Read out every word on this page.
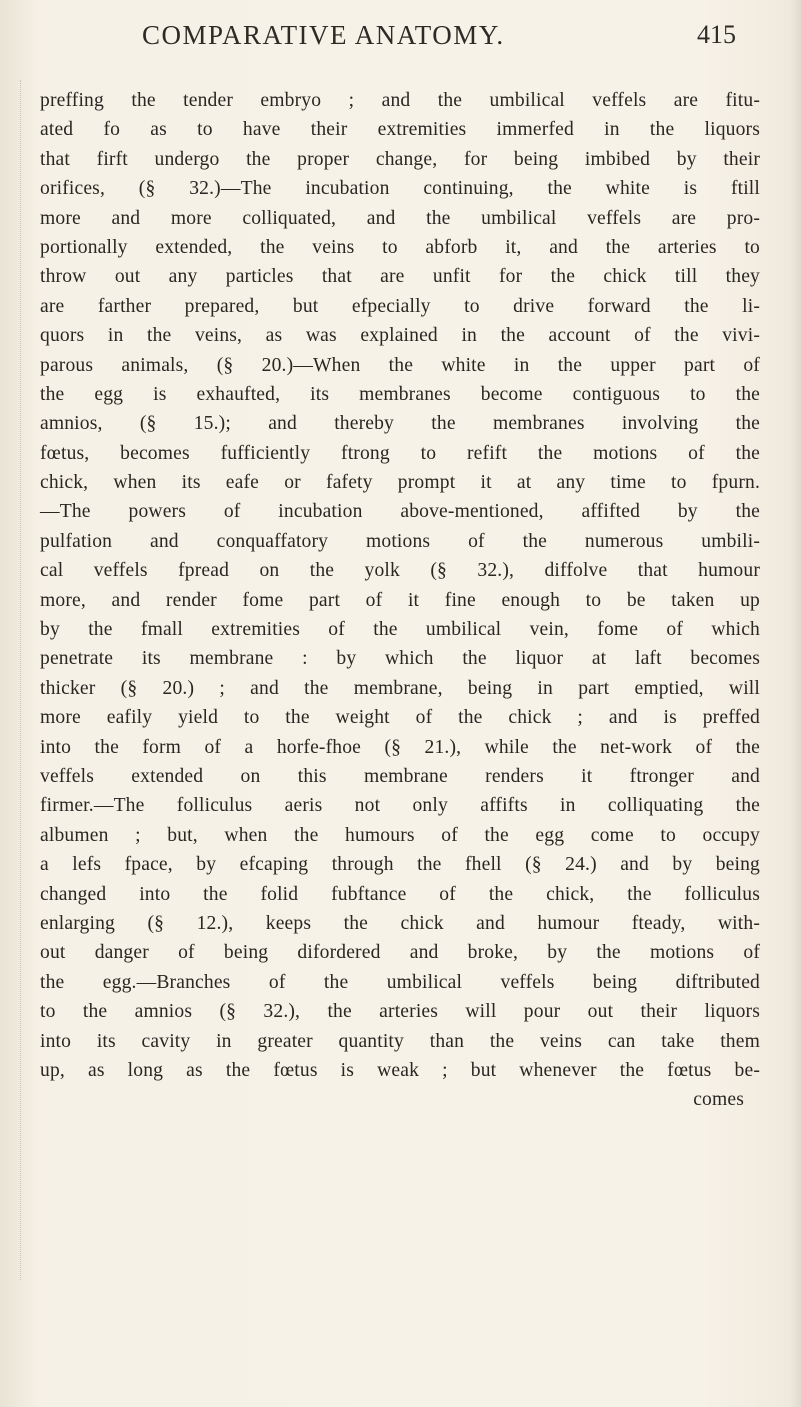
COMPARATIVE ANATOMY.	415
preffing the tender embryo ; and the umbilical veffels are fitu-
ated fo as to have their extremities immerfed in the liquors
that firft undergo the proper change, for being imbibed by their
orifices, (§ 32.)—The incubation continuing, the white is ftill
more and more colliquated, and the umbilical veffels are pro-
portionally extended, the veins to abforb it, and the arteries to
throw out any particles that are unfit for the chick till they
are farther prepared, but efpecially to drive forward the li-
quors in the veins, as was explained in the account of the vivi-
parous animals, (§ 20.)—When the white in the upper part of
the egg is exhaufted, its membranes become contiguous to the
amnios, (§ 15.); and thereby the membranes involving the
fœtus, becomes fufficiently ftrong to refift the motions of the
chick, when its eafe or fafety prompt it at any time to fpurn.
—The powers of incubation above-mentioned, affifted by the
pulfation and conquaffatory motions of the numerous umbili-
cal veffels fpread on the yolk (§ 32.), diffolve that humour
more, and render fome part of it fine enough to be taken up
by the fmall extremities of the umbilical vein, fome of which
penetrate its membrane : by which the liquor at laft becomes
thicker (§ 20.) ; and the membrane, being in part emptied, will
more eafily yield to the weight of the chick ; and is preffed
into the form of a horfe-fhoe (§ 21.), while the net-work of the
veffels extended on this membrane renders it ftronger and
firmer.—The folliculus aeris not only affifts in colliquating the
albumen ; but, when the humours of the egg come to occupy
a lefs fpace, by efcaping through the fhell (§ 24.) and by being
changed into the folid fubftance of the chick, the folliculus
enlarging (§ 12.), keeps the chick and humour fteady, with-
out danger of being difordered and broke, by the motions of
the egg.—Branches of the umbilical veffels being diftributed
to the amnios (§ 32.), the arteries will pour out their liquors
into its cavity in greater quantity than the veins can take them
up, as long as the fœtus is weak ; but whenever the fœtus be-
comes
